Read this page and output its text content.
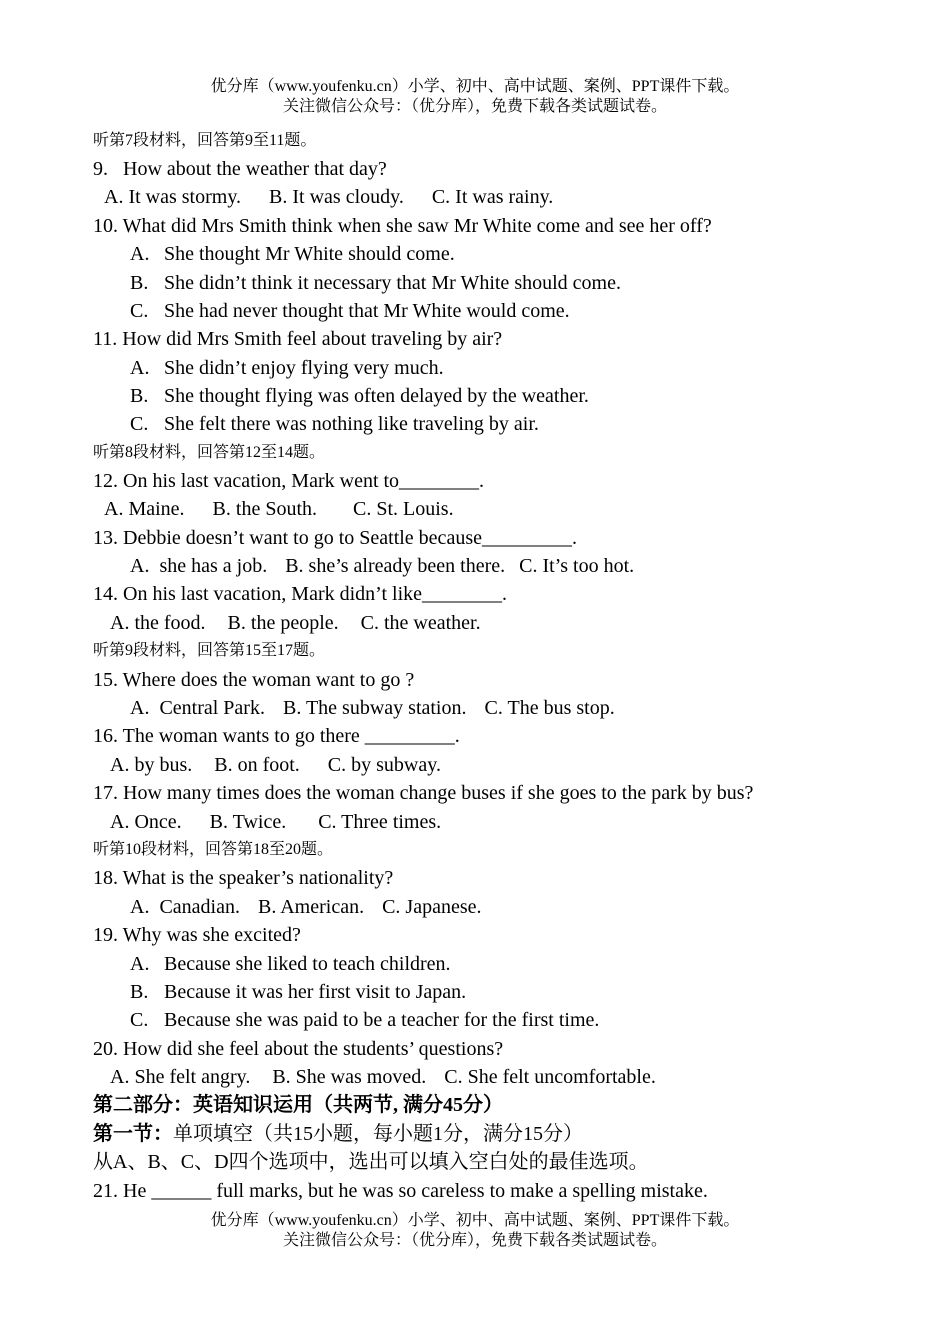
优分库（www.youfenku.cn）小学、初中、高中试题、案例、PPT课件下载。
关注微信公众号：（优分库），免费下载各类试题试卷。
听第7段材料，回答第9至11题。
9.   How about the weather that day?
A. It was stormy. B. It was cloudy. C. It was rainy.
10. What did Mrs Smith think when she saw Mr White come and see her off?
A. She thought Mr White should come.
B. She didn’t think it necessary that Mr White should come.
C. She had never thought that Mr White would come.
11. How did Mrs Smith feel about traveling by air?
A. She didn’t enjoy flying very much.
B. She thought flying was often delayed by the weather.
C. She felt there was nothing like traveling by air.
听第8段材料，回答第12至14题。
12. On his last vacation, Mark went to________.
A. Maine. B. the South. C. St. Louis.
13. Debbie doesn’t want to go to Seattle because_________.
A.  she has a job. B. she’s already been there. C. It’s too hot.
14. On his last vacation, Mark didn’t like________.
A. the food. B. the people. C. the weather.
听第9段材料，回答第15至17题。
15. Where does the woman want to go ?
A.  Central Park. B. The subway station. C. The bus stop.
16. The woman wants to go there _________.
A. by bus. B. on foot. C. by subway.
17. How many times does the woman change buses if she goes to the park by bus?
A. Once. B. Twice. C. Three times.
听第10段材料，回答第18至20题。
18. What is the speaker’s nationality?
A.  Canadian. B. American. C. Japanese.
19. Why was she excited?
A. Because she liked to teach children.
B. Because it was her first visit to Japan.
C. Because she was paid to be a teacher for the first time.
20. How did she feel about the students’ questions?
A. She felt angry. B. She was moved. C. She felt uncomfortable.
第二部分：英语知识运用（共两节, 满分45分）
第一节：单项填空（共15小题，每小题1分，满分15分）
从A、B、C、D四个选项中，选出可以填入空白处的最佳选项。
21. He ______ full marks, but he was so careless to make a spelling mistake.
优分库（www.youfenku.cn）小学、初中、高中试题、案例、PPT课件下载。
关注微信公众号：（优分库），免费下载各类试题试卷。
